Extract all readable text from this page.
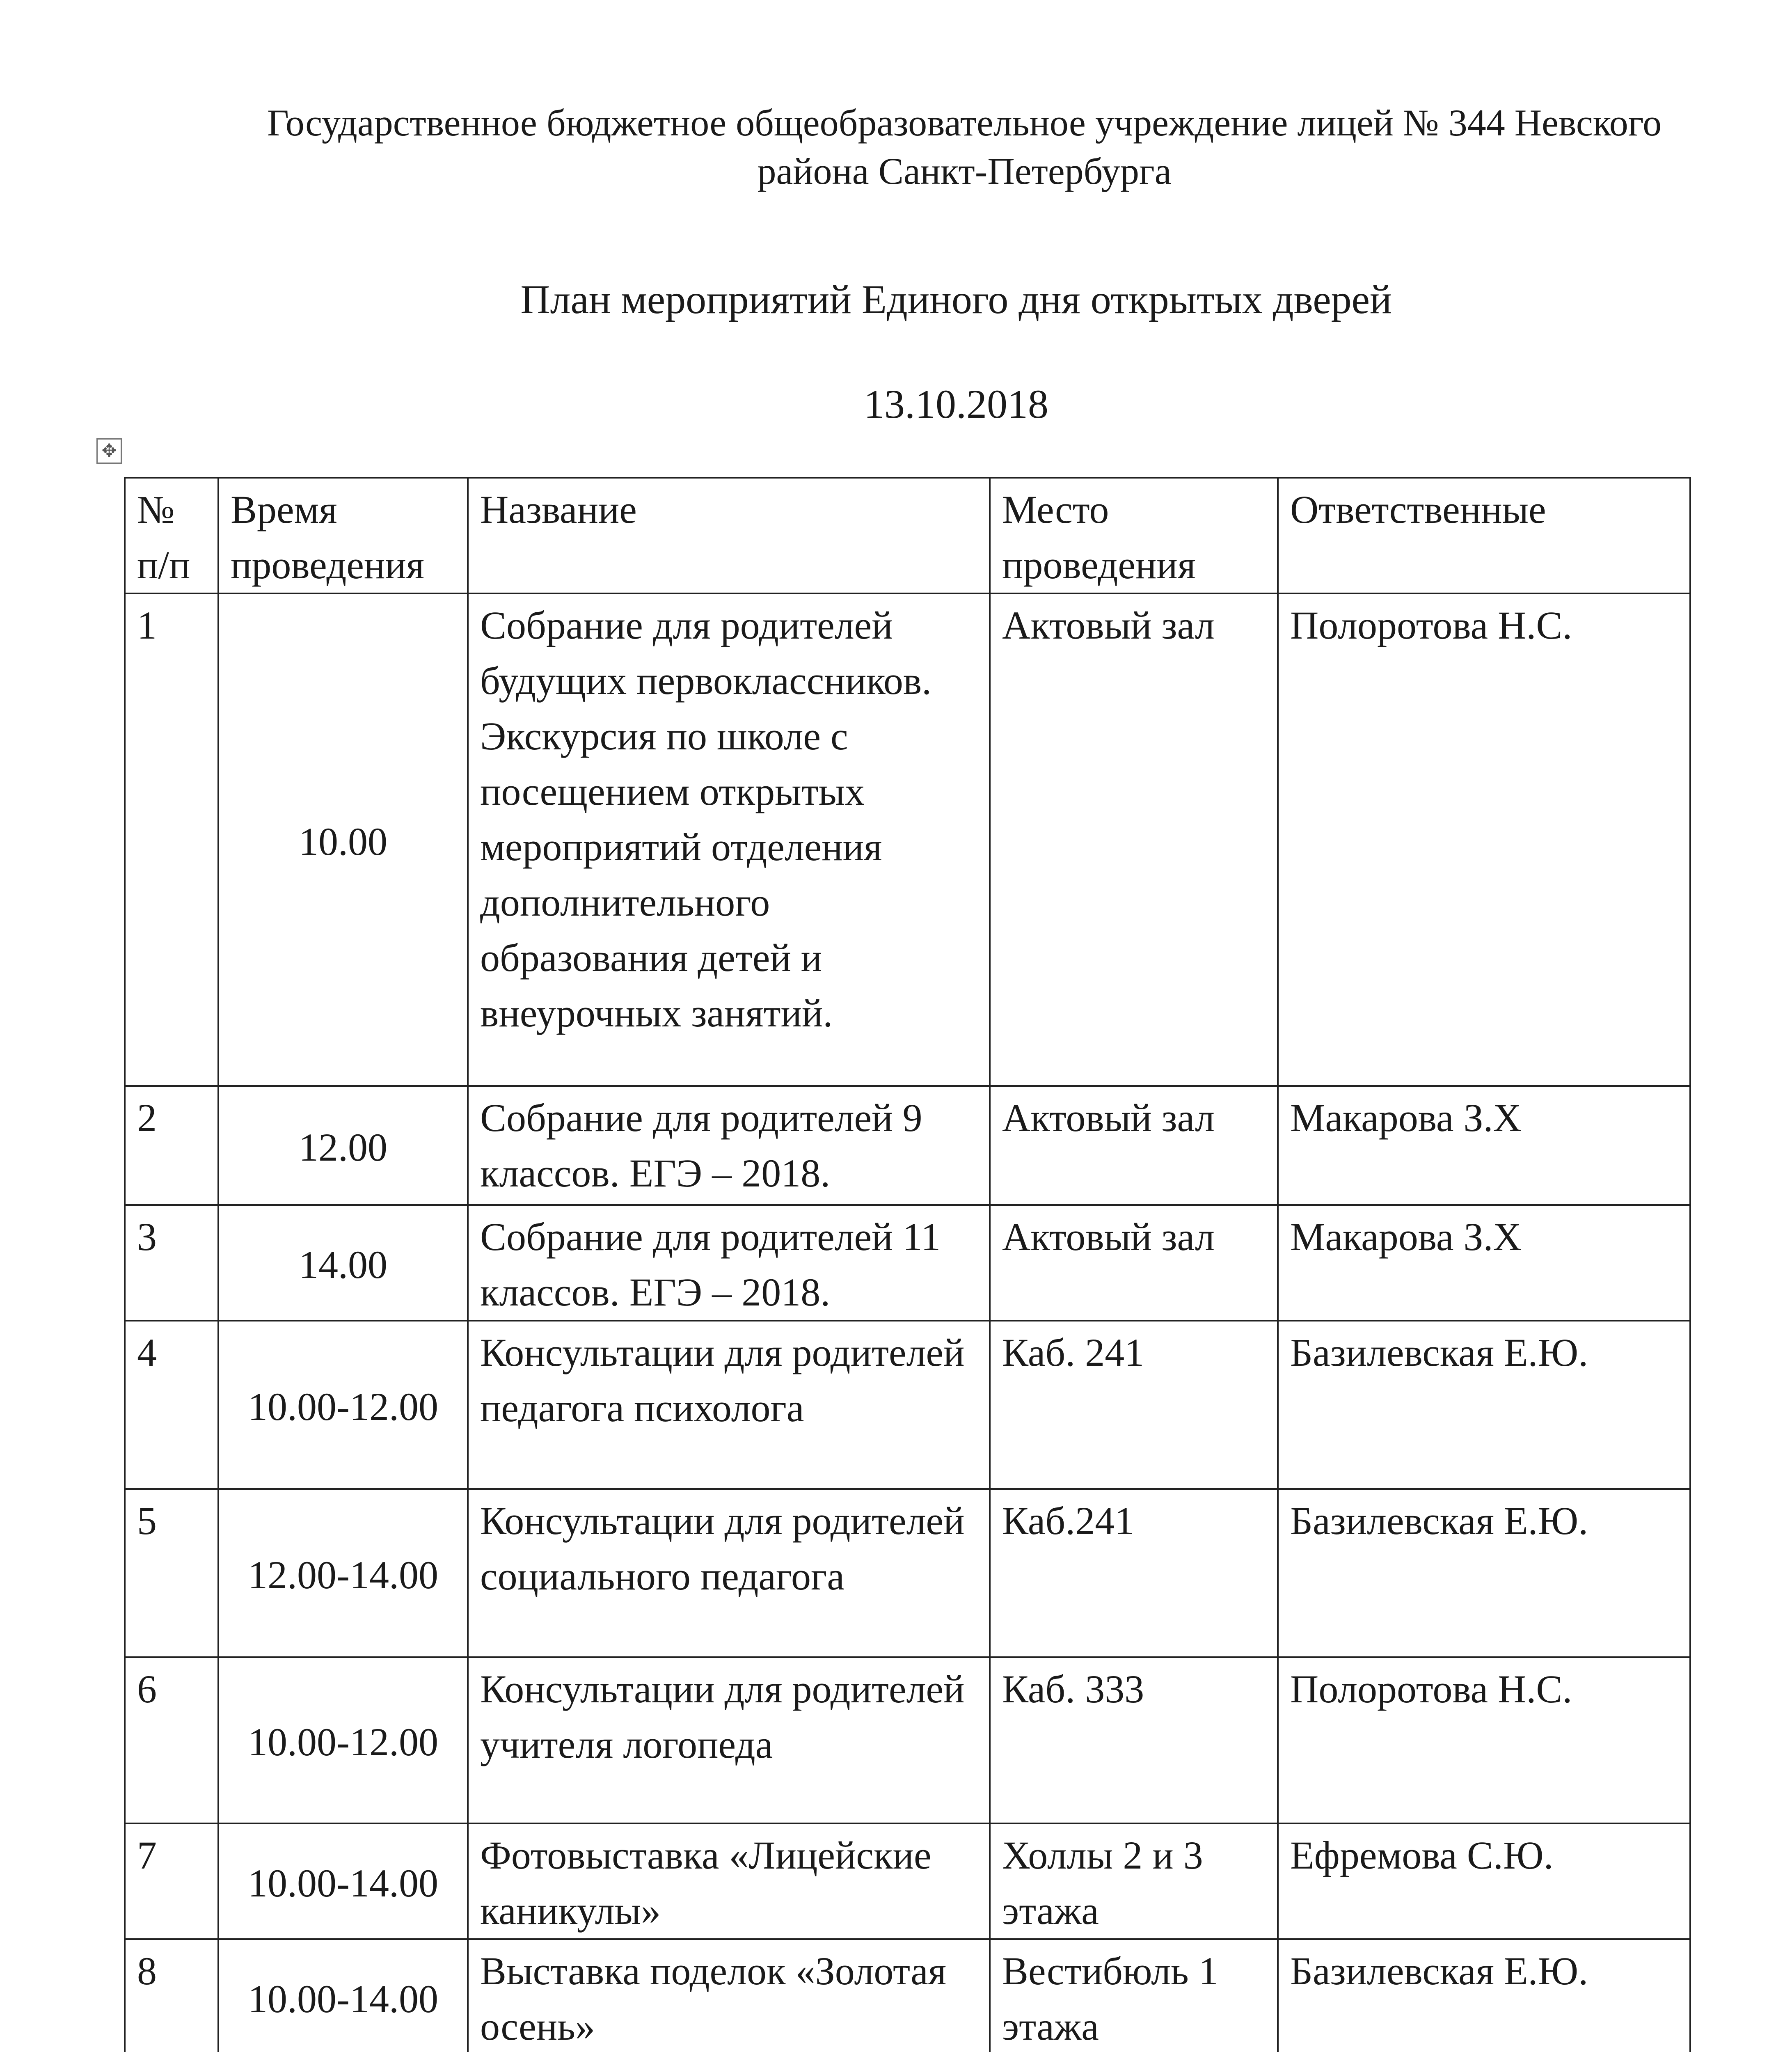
Государственное бюджетное общеобразовательное учреждение лицей № 344 Невского
района Санкт-Петербурга
План мероприятий Единого дня открытых дверей
13.10.2018
✥
№ п/п	Время проведения	Название	Место проведения	Ответственные
1	10.00	Собрание для родителей будущих первоклассников. Экскурсия по школе с посещением открытых мероприятий отделения дополнительного образования детей и внеурочных занятий.	Актовый зал	Полоротова Н.С.
2	12.00	Собрание для родителей 9 классов. ЕГЭ – 2018.	Актовый зал	Макарова З.Х
3	14.00	Собрание для родителей 11 классов. ЕГЭ – 2018.	Актовый зал	Макарова З.Х
4	10.00-12.00	Консультации для родителей педагога психолога	Каб. 241	Базилевская Е.Ю.
5	12.00-14.00	Консультации для родителей социального педагога	Каб.241	Базилевская Е.Ю.
6	10.00-12.00	Консультации для родителей учителя логопеда	Каб. 333	Полоротова Н.С.
7	10.00-14.00	Фотовыставка «Лицейские каникулы»	Холлы 2 и 3 этажа	Ефремова С.Ю.
8	10.00-14.00	Выставка поделок «Золотая осень»	Вестибюль 1 этажа	Базилевская Е.Ю.
